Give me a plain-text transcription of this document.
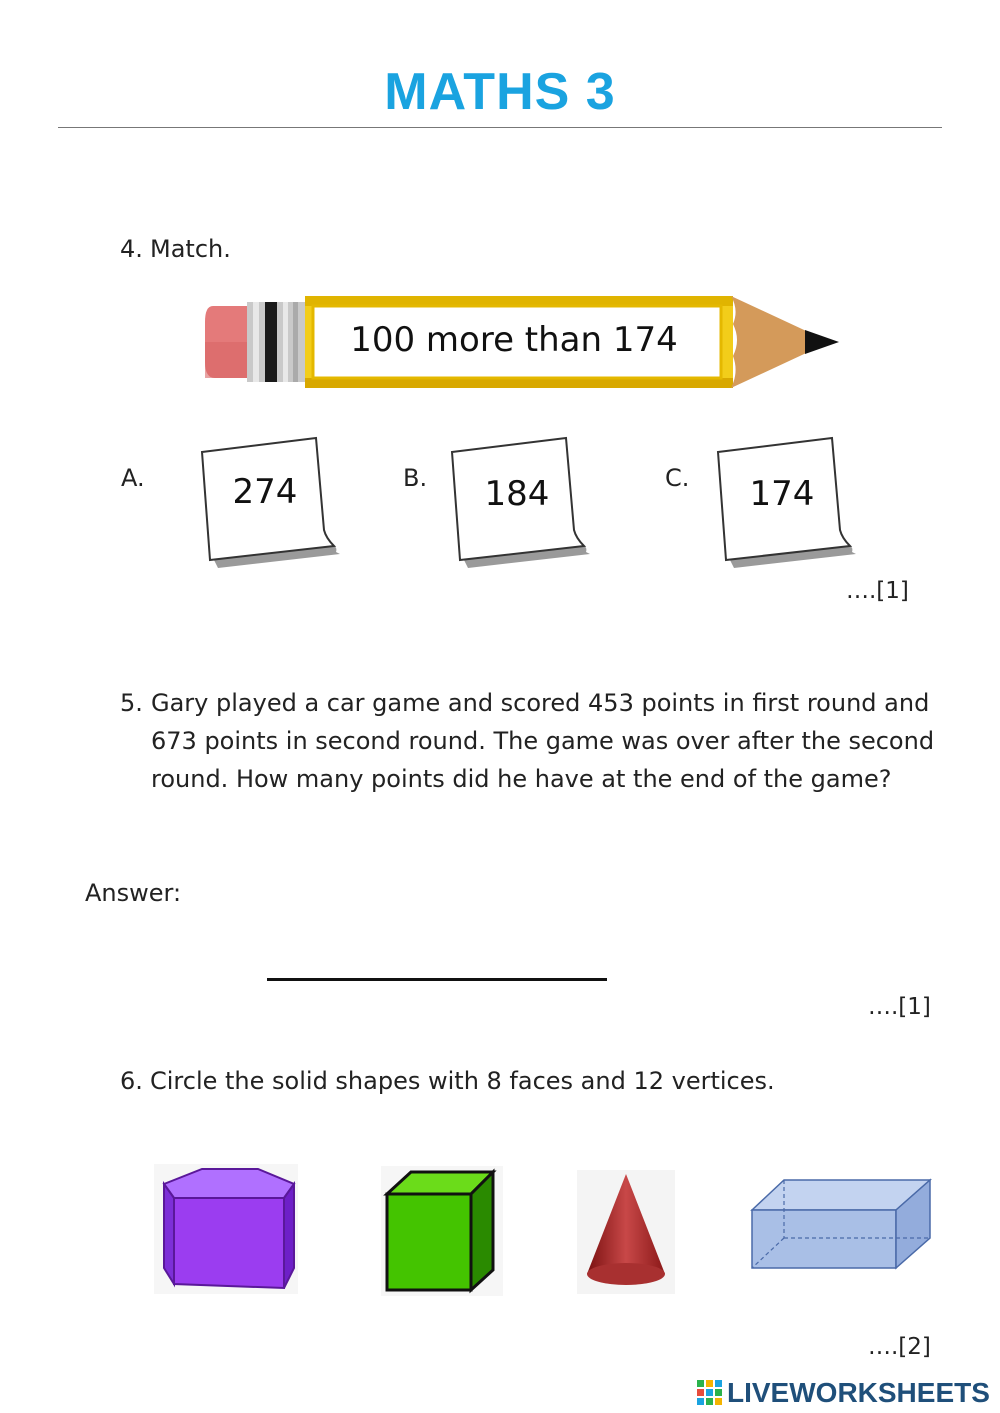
MATHS 3
4. Match.
100 more than 174
A.	274	B.	184	C.	174
….[1]
5. Gary played a car game and scored 453 points in first round and 673 points in second round. The game was over after the second round. How many points did he have at the end of the game?
Answer:
….[1]
6. Circle the solid shapes with 8 faces and 12 vertices.
….[2]
LIVEWORKSHEETS
